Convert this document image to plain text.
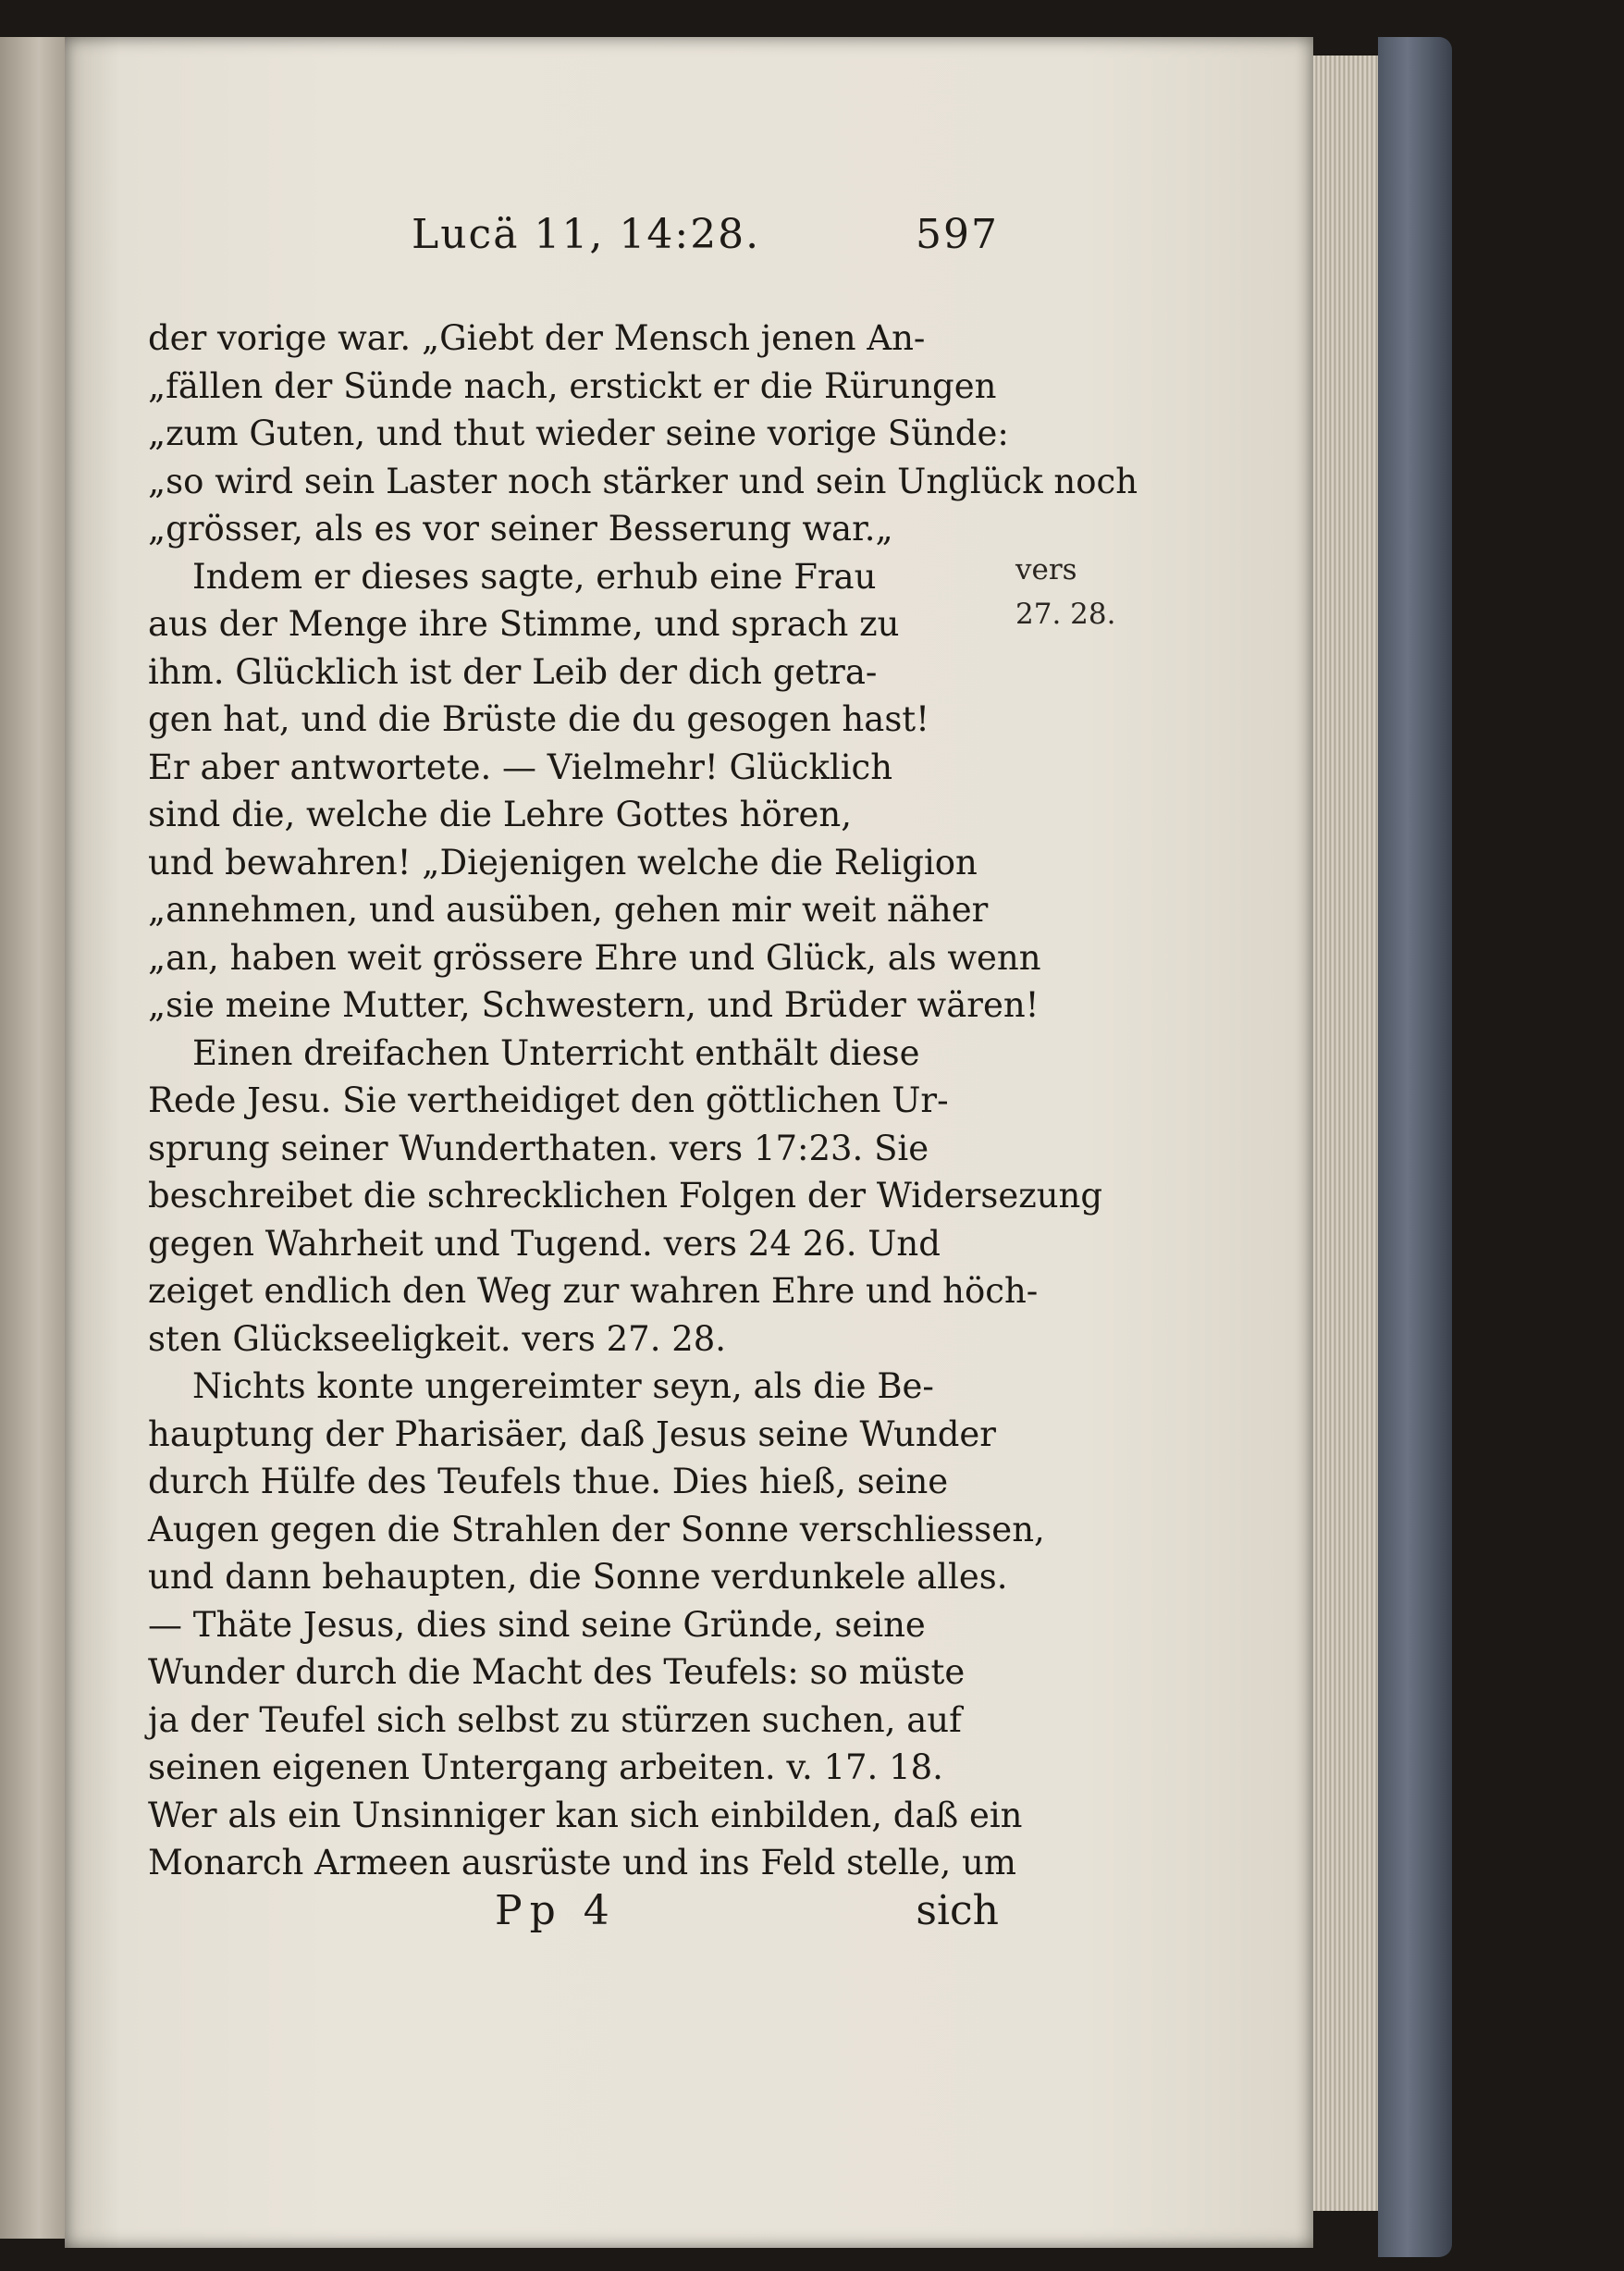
Lucä 11, 14:28.	597
der vorige war. „Giebt der Mensch jenen An-
„fällen der Sünde nach, erstickt er die Rürungen
„zum Guten, und thut wieder seine vorige Sünde:
„so wird sein Laster noch stärker und sein Unglück noch
„grösser, als es vor seiner Besserung war.„
Indem er dieses sagte, erhub eine Frau
aus der Menge ihre Stimme, und sprach zu
ihm. Glücklich ist der Leib der dich getra-
gen hat, und die Brüste die du gesogen hast!
Er aber antwortete. — Vielmehr! Glücklich
sind die, welche die Lehre Gottes hören,
und bewahren! „Diejenigen welche die Religion
„annehmen, und ausüben, gehen mir weit näher
„an, haben weit grössere Ehre und Glück, als wenn
„sie meine Mutter, Schwestern, und Brüder wären!
Einen dreifachen Unterricht enthält diese
Rede Jesu. Sie vertheidiget den göttlichen Ur-
sprung seiner Wunderthaten. vers 17:23. Sie
beschreibet die schrecklichen Folgen der Widersezung
gegen Wahrheit und Tugend. vers 24 26. Und
zeiget endlich den Weg zur wahren Ehre und höch-
sten Glückseeligkeit. vers 27. 28.
Nichts konte ungereimter seyn, als die Be-
hauptung der Pharisäer, daß Jesus seine Wunder
durch Hülfe des Teufels thue. Dies hieß, seine
Augen gegen die Strahlen der Sonne verschliessen,
und dann behaupten, die Sonne verdunkele alles.
— Thäte Jesus, dies sind seine Gründe, seine
Wunder durch die Macht des Teufels: so müste
ja der Teufel sich selbst zu stürzen suchen, auf
seinen eigenen Untergang arbeiten. v. 17. 18.
Wer als ein Unsinniger kan sich einbilden, daß ein
Monarch Armeen ausrüste und ins Feld stelle, um
vers
27. 28.
Pp 4	sich
